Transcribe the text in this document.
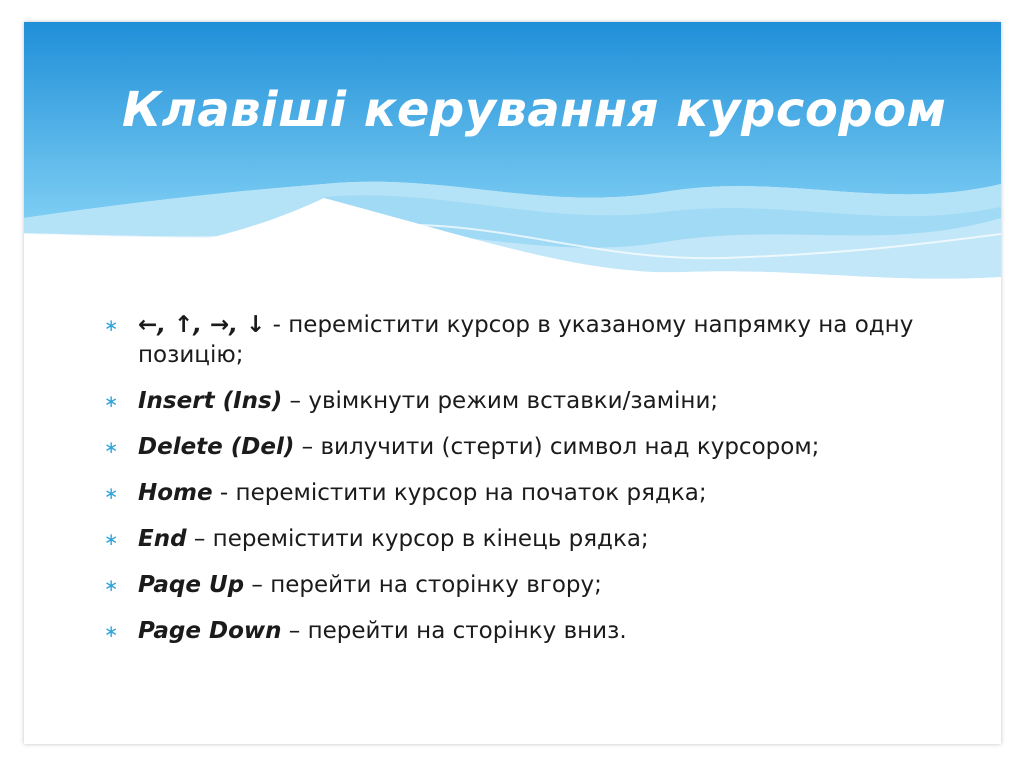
Клавіші керування курсором
∗ ←, ↑, →, ↓ - перемістити курсор в указаному напрямку на одну позицію;
∗ Insert (Ins) – увімкнути режим вставки/заміни;
∗ Delete (Del) – вилучити (стерти) символ над курсором;
∗ Home - перемістити курсор на початок рядка;
∗ End – перемістити курсор в кінець рядка;
∗ Paqe Up – перейти на сторінку вгору;
∗ Page Down – перейти на сторінку вниз.
